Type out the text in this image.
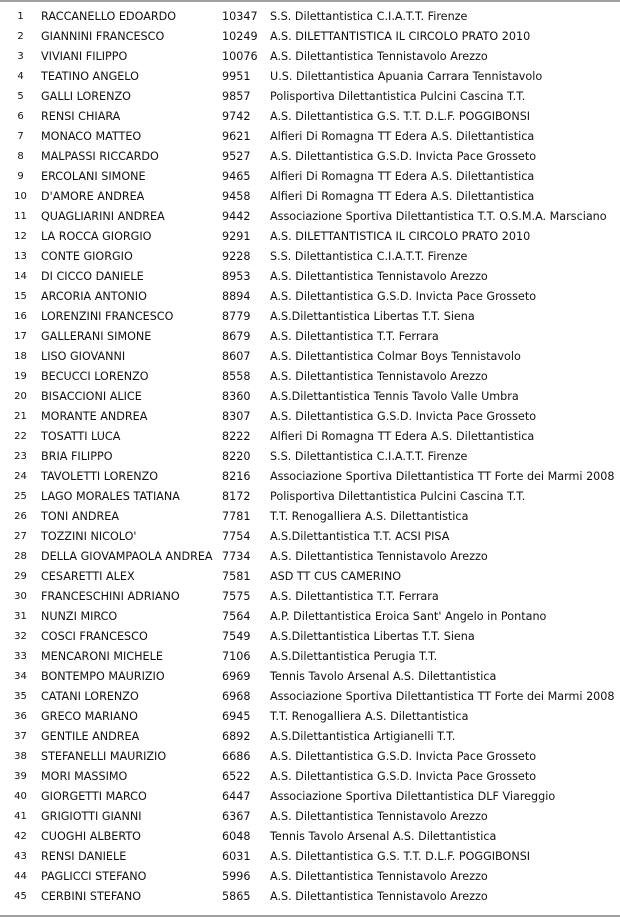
1	RACCANELLO EDOARDO	10347	S.S. Dilettantistica C.I.A.T.T. Firenze
2	GIANNINI FRANCESCO	10249	A.S. DILETTANTISTICA IL CIRCOLO PRATO 2010
3	VIVIANI FILIPPO	10076	A.S. Dilettantistica Tennistavolo Arezzo
4	TEATINO ANGELO	9951	U.S. Dilettantistica Apuania Carrara Tennistavolo
5	GALLI LORENZO	9857	Polisportiva Dilettantistica Pulcini Cascina T.T.
6	RENSI CHIARA	9742	A.S. Dilettantistica G.S. T.T. D.L.F. POGGIBONSI
7	MONACO MATTEO	9621	Alfieri Di Romagna TT Edera A.S. Dilettantistica
8	MALPASSI RICCARDO	9527	A.S. Dilettantistica G.S.D. Invicta Pace Grosseto
9	ERCOLANI SIMONE	9465	Alfieri Di Romagna TT Edera A.S. Dilettantistica
10	D'AMORE ANDREA	9458	Alfieri Di Romagna TT Edera A.S. Dilettantistica
11	QUAGLIARINI ANDREA	9442	Associazione Sportiva Dilettantistica T.T. O.S.M.A. Marsciano
12	LA ROCCA GIORGIO	9291	A.S. DILETTANTISTICA IL CIRCOLO PRATO 2010
13	CONTE GIORGIO	9228	S.S. Dilettantistica C.I.A.T.T. Firenze
14	DI CICCO DANIELE	8953	A.S. Dilettantistica Tennistavolo Arezzo
15	ARCORIA ANTONIO	8894	A.S. Dilettantistica G.S.D. Invicta Pace Grosseto
16	LORENZINI FRANCESCO	8779	A.S.Dilettantistica Libertas T.T. Siena
17	GALLERANI SIMONE	8679	A.S. Dilettantistica T.T. Ferrara
18	LISO GIOVANNI	8607	A.S. Dilettantistica Colmar Boys Tennistavolo
19	BECUCCI LORENZO	8558	A.S. Dilettantistica Tennistavolo Arezzo
20	BISACCIONI ALICE	8360	A.S.Dilettantistica Tennis Tavolo Valle Umbra
21	MORANTE ANDREA	8307	A.S. Dilettantistica G.S.D. Invicta Pace Grosseto
22	TOSATTI LUCA	8222	Alfieri Di Romagna TT Edera A.S. Dilettantistica
23	BRIA FILIPPO	8220	S.S. Dilettantistica C.I.A.T.T. Firenze
24	TAVOLETTI LORENZO	8216	Associazione Sportiva Dilettantistica TT Forte dei Marmi 2008
25	LAGO MORALES TATIANA	8172	Polisportiva Dilettantistica Pulcini Cascina T.T.
26	TONI ANDREA	7781	T.T. Renogalliera A.S. Dilettantistica
27	TOZZINI NICOLO'	7754	A.S.Dilettantistica T.T. ACSI PISA
28	DELLA GIOVAMPAOLA ANDREA	7734	A.S. Dilettantistica Tennistavolo Arezzo
29	CESARETTI ALEX	7581	ASD TT CUS CAMERINO
30	FRANCESCHINI ADRIANO	7575	A.S. Dilettantistica T.T. Ferrara
31	NUNZI MIRCO	7564	A.P. Dilettantistica Eroica Sant' Angelo in Pontano
32	COSCI FRANCESCO	7549	A.S.Dilettantistica Libertas T.T. Siena
33	MENCARONI MICHELE	7106	A.S.Dilettantistica Perugia T.T.
34	BONTEMPO MAURIZIO	6969	Tennis Tavolo Arsenal A.S. Dilettantistica
35	CATANI LORENZO	6968	Associazione Sportiva Dilettantistica TT Forte dei Marmi 2008
36	GRECO MARIANO	6945	T.T. Renogalliera A.S. Dilettantistica
37	GENTILE ANDREA	6892	A.S.Dilettantistica Artigianelli T.T.
38	STEFANELLI MAURIZIO	6686	A.S. Dilettantistica G.S.D. Invicta Pace Grosseto
39	MORI MASSIMO	6522	A.S. Dilettantistica G.S.D. Invicta Pace Grosseto
40	GIORGETTI MARCO	6447	Associazione Sportiva Dilettantistica DLF Viareggio
41	GRIGIOTTI GIANNI	6367	A.S. Dilettantistica Tennistavolo Arezzo
42	CUOGHI ALBERTO	6048	Tennis Tavolo Arsenal A.S. Dilettantistica
43	RENSI DANIELE	6031	A.S. Dilettantistica G.S. T.T. D.L.F. POGGIBONSI
44	PAGLICCI STEFANO	5996	A.S. Dilettantistica Tennistavolo Arezzo
45	CERBINI STEFANO	5865	A.S. Dilettantistica Tennistavolo Arezzo
